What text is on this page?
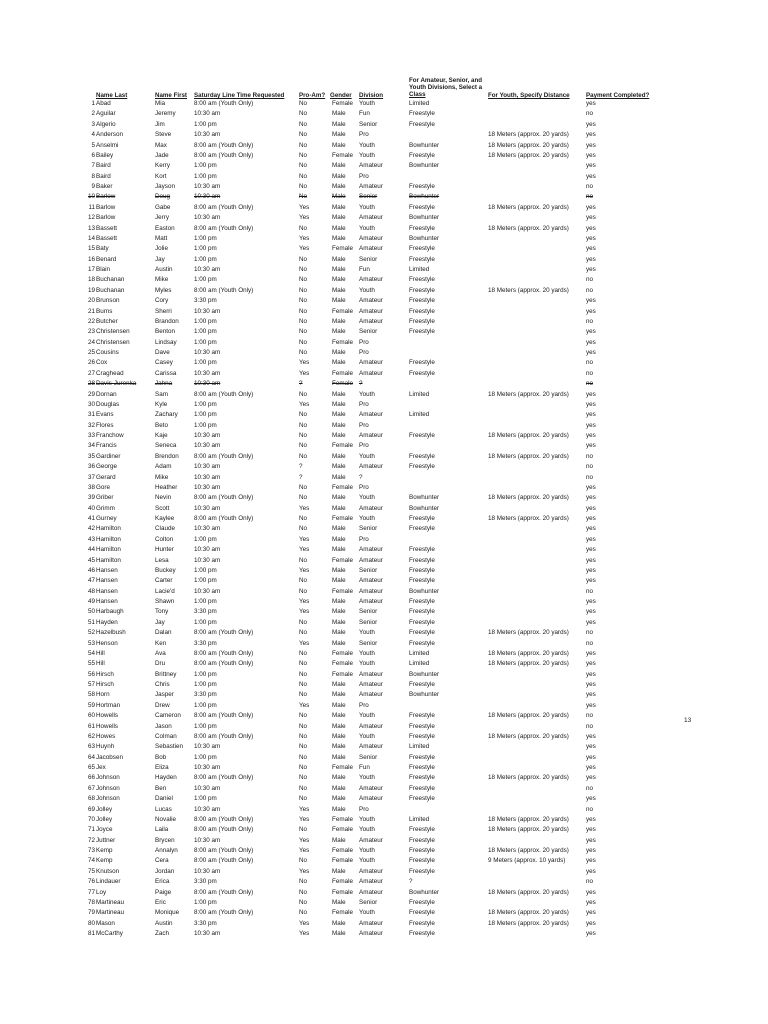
Name Last	Name First Saturday Line Time Requested Pro-Am? Gender Division
For Amateur, Senior, and
Youth Divisions, Select a
Class	For Youth, Specify Distance	Payment Completed?
1 Abad	Mia	8:00 am (Youth Only)	No	Female Youth	Limited	yes
2 Aguilar	Jeremy	10:30 am	No	Male Fun	Freestyle	no
3 Algerio	Jim	1:00 pm	No	Male Senior	Freestyle	yes
4 Anderson	Steve	10:30 am	No	Male Pro	18 Meters (approx. 20 yards)	yes
5 Anselmi	Max	8:00 am (Youth Only)	No	Male Youth	Bowhunter	18 Meters (approx. 20 yards)	yes
6 Bailey	Jade	8:00 am (Youth Only)	No	Female Youth	Freestyle	18 Meters (approx. 20 yards)	yes
7 Baird	Kerry	1:00 pm	No	Male Amateur	Bowhunter	yes
8 Baird	Kort	1:00 pm	No	Male Pro	yes
9 Baker	Jayson	10:30 am	No	Male Amateur	Freestyle	no
10 Barlow	Doug	10:30 am	No	Male Senior	Bowhunter	no
11 Barlow	Gabe	8:00 am (Youth Only)	Yes	Male Youth	Freestyle	18 Meters (approx. 20 yards)	yes
12 Barlow	Jerry	10:30 am	Yes	Male Amateur	Bowhunter	yes
13 Bassett	Easton	8:00 am (Youth Only)	No	Male Youth	Freestyle	18 Meters (approx. 20 yards)	yes
14 Bassett	Matt	1:00 pm	Yes	Male Amateur	Bowhunter	yes
15 Baty	Jolie	1:00 pm	Yes	Female Amateur	Freestyle	yes
16 Benard	Jay	1:00 pm	No	Male Senior	Freestyle	yes
17 Blain	Austin	10:30 am	No	Male Fun	Limited	yes
18 Buchanan	Mike	1:00 pm	No	Male Amateur	Freestyle	no
19 Buchanan	Myles	8:00 am (Youth Only)	No	Male Youth	Freestyle	18 Meters (approx. 20 yards)	no
20 Brunson	Cory	3:30 pm	No	Male Amateur	Freestyle	yes
21 Burns	Sherri	10:30 am	No	Female Amateur	Freestyle	yes
22 Butcher	Brandon 1:00 pm	No	Male Amateur	Freestyle	no
23 Christensen	Benton	1:00 pm	No	Male Senior	Freestyle	yes
24 Christensen	Lindsay	1:00 pm	No	Female Pro	yes
25 Cousins	Dave	10:30 am	No	Male Pro	yes
26 Cox	Casey	1:00 pm	Yes	Male Amateur	Freestyle	no
27 Craghead	Carissa	10:30 am	Yes	Female Amateur	Freestyle	no
28 Davis-Jurenka	Jahna	10:30 am	?	Female ?	no
29 Dornan	Sam	8:00 am (Youth Only)	No	Male Youth	Limited	18 Meters (approx. 20 yards)	yes
30 Douglas	Kyle	1:00 pm	Yes	Male Pro	yes
31 Evans	Zachary	1:00 pm	No	Male Amateur	Limited	yes
32 Flores	Beto	1:00 pm	No	Male Pro	yes
33 Franchow	Kaje	10:30 am	No	Male Amateur	Freestyle	18 Meters (approx. 20 yards)	yes
34 Francis	Seneca	10:30 am	No	Female Pro	yes
35 Gardiner	Brendon 8:00 am (Youth Only)	No	Male Youth	Freestyle	18 Meters (approx. 20 yards)	no
36 George	Adam	10:30 am	?	Male Amateur	Freestyle	no
37 Gerard	Mike	10:30 am	?	Male ?	no
38 Gore	Heather	10:30 am	No	Female Pro	yes
39 Griber	Nevin	8:00 am (Youth Only)	No	Male Youth	Bowhunter	18 Meters (approx. 20 yards)	yes
40 Grimm	Scott	10:30 am	Yes	Male Amateur	Bowhunter	yes
41 Gurney	Kaylee	8:00 am (Youth Only)	No	Female Youth	Freestyle	18 Meters (approx. 20 yards)	yes
42 Hamilton	Claude	10:30 am	No	Male Senior	Freestyle	yes
43 Hamilton	Colton	1:00 pm	Yes	Male Pro	yes
44 Hamilton	Hunter	10:30 am	Yes	Male Amateur	Freestyle	yes
45 Hamilton	Lesa	10:30 am	No	Female Amateur	Freestyle	yes
46 Hansen	Buckey	1:00 pm	Yes	Male Senior	Freestyle	yes
47 Hansen	Carter	1:00 pm	No	Male Amateur	Freestyle	yes
48 Hansen	Lacie'd	10:30 am	No	Female Amateur	Bowhunter	no
49 Hansen	Shawn	1:00 pm	Yes	Male Amateur	Freestyle	yes
50 Harbaugh	Tony	3:30 pm	Yes	Male Senior	Freestyle	yes
51 Hayden	Jay	1:00 pm	No	Male Senior	Freestyle	yes
52 Hazelbush	Dalan	8:00 am (Youth Only)	No	Male Youth	Freestyle	18 Meters (approx. 20 yards)	no
53 Henson	Ken	3:30 pm	Yes	Male Senior	Freestyle	no
54 Hill	Ava	8:00 am (Youth Only)	No	Female Youth	Limited	18 Meters (approx. 20 yards)	yes
55 Hill	Dru	8:00 am (Youth Only)	No	Female Youth	Limited	18 Meters (approx. 20 yards)	yes
56 Hirsch	Brittney	1:00 pm	No	Female Amateur	Bowhunter	yes
57 Hirsch	Chris	1:00 pm	No	Male Amateur	Freestyle	yes
58 Horn	Jasper	3:30 pm	No	Male Amateur	Bowhunter	yes
59 Hortman	Drew	1:00 pm	Yes	Male Pro	yes
60 Howells	Cameron 8:00 am (Youth Only)	No	Male Youth	Freestyle	18 Meters (approx. 20 yards)	no
61 Howells	Jason	1:00 pm	No	Male Amateur	Freestyle	no
62 Howes	Colman	8:00 am (Youth Only)	No	Male Youth	Freestyle	18 Meters (approx. 20 yards)	yes
63 Huynh	Sebastien 10:30 am	No	Male Amateur	Limited	yes
64 Jacobsen	Bob	1:00 pm	No	Male Senior	Freestyle	yes
65 Jex	Eliza	10:30 am	No	Female Fun	Freestyle	yes
66 Johnson	Hayden	8:00 am (Youth Only)	No	Male Youth	Freestyle	18 Meters (approx. 20 yards)	yes
67 Johnson	Ben	10:30 am	No	Male Amateur	Freestyle	no
68 Johnson	Daniel	1:00 pm	No	Male Amateur	Freestyle	yes
69 Jolley	Lucas	10:30 am	Yes	Male Pro	no
70 Jolley	Novalie	8:00 am (Youth Only)	Yes	Female Youth	Limited	18 Meters (approx. 20 yards)	yes
71 Joyce	Laila	8:00 am (Youth Only)	No	Female Youth	Freestyle	18 Meters (approx. 20 yards)	yes
72 Juttner	Brycen	10:30 am	Yes	Male Amateur	Freestyle	yes
73 Kemp	Annalyn	8:00 am (Youth Only)	Yes	Female Youth	Freestyle	18 Meters (approx. 20 yards)	yes
74 Kemp	Cera	8:00 am (Youth Only)	No	Female Youth	Freestyle	9 Meters (approx. 10 yards)	yes
75 Knutson	Jordan	10:30 am	Yes	Male Amateur	Freestyle	yes
76 Lindauer	Erica	3:30 pm	No	Female Amateur	?	no
77 Loy	Paige	8:00 am (Youth Only)	No	Female Amateur	Bowhunter	18 Meters (approx. 20 yards)	yes
78 Martineau	Eric	1:00 pm	No	Male Senior	Freestyle	yes
79 Martineau	Monique 8:00 am (Youth Only)	No	Female Youth	Freestyle	18 Meters (approx. 20 yards)	yes
80 Mason	Austin	3:30 pm	Yes	Male Amateur	Freestyle	18 Meters (approx. 20 yards)	yes
81 McCarthy	Zach	10:30 am	Yes	Male Amateur	Freestyle	yes
13
